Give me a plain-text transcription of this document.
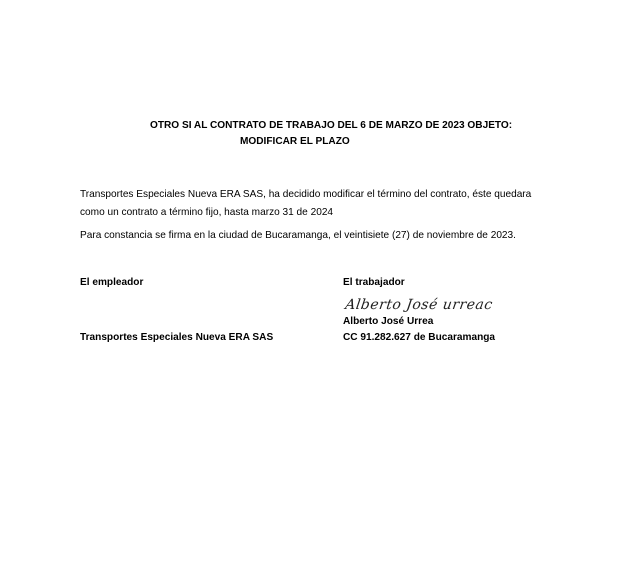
OTRO SI AL CONTRATO DE TRABAJO DEL 6 DE MARZO DE 2023 OBJETO:
MODIFICAR EL PLAZO
Transportes Especiales Nueva ERA SAS, ha decidido modificar el término del contrato, éste quedara
como un contrato a término fijo, hasta marzo 31 de 2024
Para constancia se firma en la ciudad de Bucaramanga, el veintisiete (27) de noviembre de 2023.
El empleador
Transportes Especiales Nueva ERA SAS
El trabajador
Alberto José urreac
Alberto José Urrea
CC 91.282.627 de Bucaramanga
